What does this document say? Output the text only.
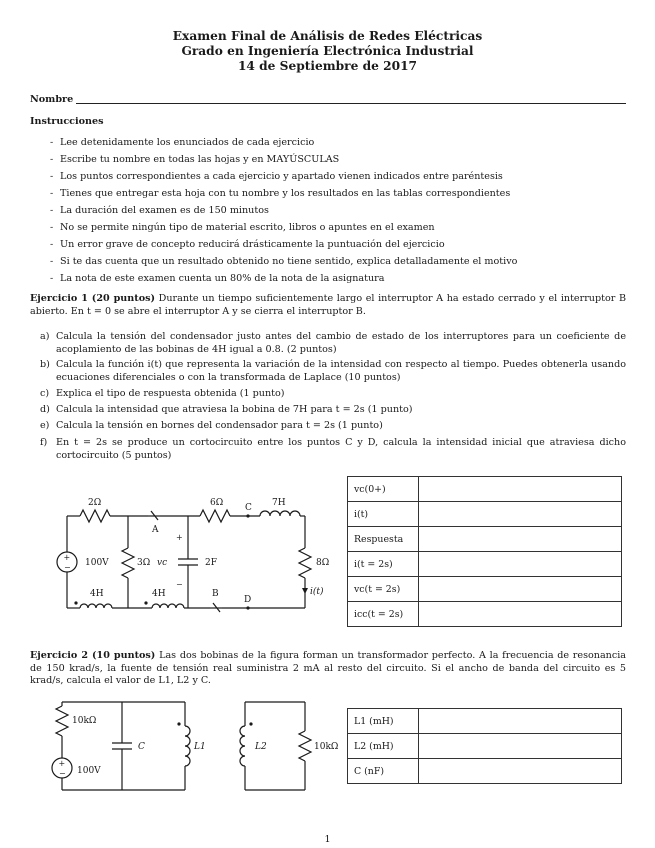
Examen Final de Análisis de Redes Eléctricas
Grado en Ingeniería Electrónica Industrial
14 de Septiembre de 2017
Nombre
Instrucciones
- Lee detenidamente los enunciados de cada ejercicio
- Escribe tu nombre en todas las hojas y en MAYÚSCULAS
- Los puntos correspondientes a cada ejercicio y apartado vienen indicados entre paréntesis
- Tienes que entregar esta hoja con tu nombre y los resultados en las tablas correspondientes
- La duración del examen es de 150 minutos
- No se permite ningún tipo de material escrito, libros o apuntes en el examen
- Un error grave de concepto reducirá drásticamente la puntuación del ejercicio
- Si te das cuenta que un resultado obtenido no tiene sentido, explica detalladamente el motivo
- La nota de este examen cuenta un 80% de la nota de la asignatura
Ejercicio 1 (20 puntos) Durante un tiempo suficientemente largo el interruptor A ha estado cerrado y el interruptor B abierto. En t = 0 se abre el interruptor A y se cierra el interruptor B.
a) Calcula la tensión del condensador justo antes del cambio de estado de los interruptores para un coeficiente de acoplamiento de las bobinas de 4H igual a 0.8. (2 puntos)
b) Calcula la función i(t) que representa la variación de la intensidad con respecto al tiempo. Puedes obtenerla usando ecuaciones diferenciales o con la transformada de Laplace (10 puntos)
c) Explica el tipo de respuesta obtenida (1 punto)
d) Calcula la intensidad que atraviesa la bobina de 7H para t = 2s (1 punto)
e) Calcula la tensión en bornes del condensador para t = 2s (1 punto)
f) En t = 2s se produce un cortocircuito entre los puntos C y D, calcula la intensidad inicial que atraviesa dicho cortocircuito (5 puntos)
+
−
2Ω	6Ω C 7H
A
+
−
100V	3Ω vc	2F	8Ω
i(t)
4H	4H	B
D
vc(0+)	
i(t)	
Respuesta	
i(t = 2s)	
vc(t = 2s)	
icc(t = 2s)	
Ejercicio 2 (10 puntos) Las dos bobinas de la figura forman un transformador perfecto. A la frecuencia de resonancia de 150 krad/s, la fuente de tensión real suministra 2 mA al resto del circuito. Si el ancho de banda del circuito es 5 krad/s, calcula el valor de L1, L2 y C.
+
−
10kΩ
100V
C	L1	L2	10kΩ
L1 (mH)	
L2 (mH)	
C (nF)	
1
